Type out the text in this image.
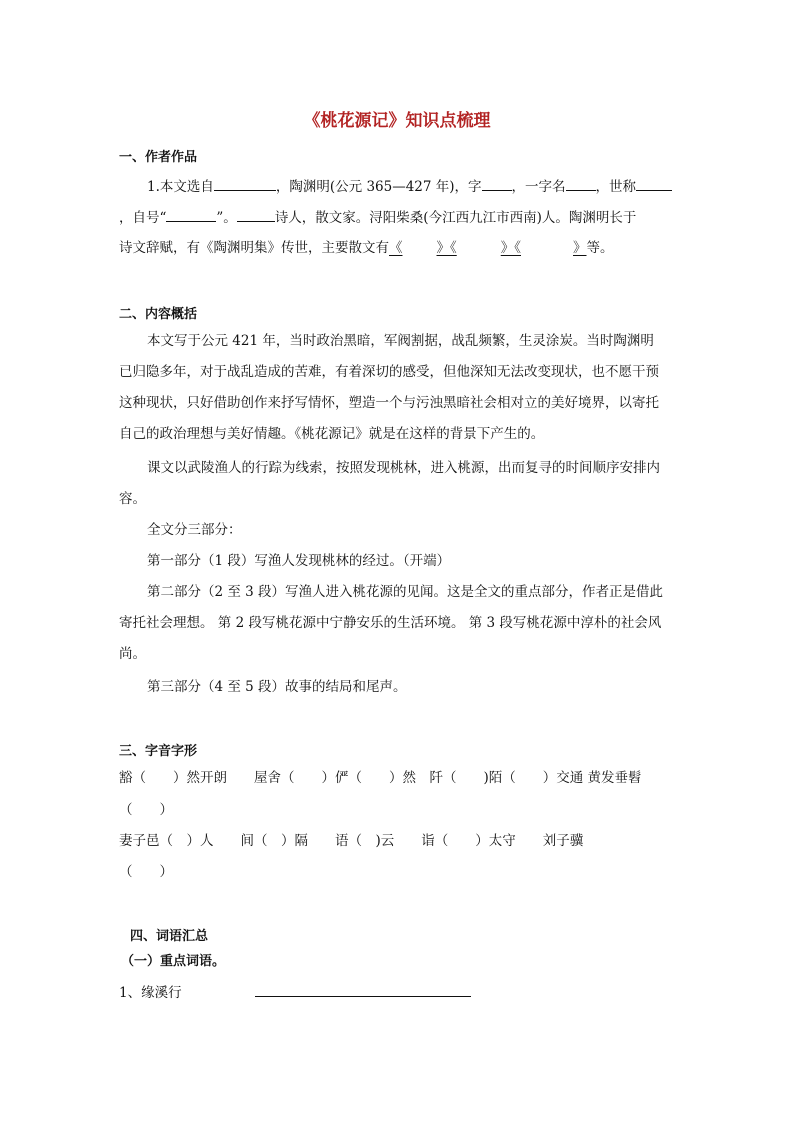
《桃花源记》知识点梳理
一、作者作品
1.本文选自	，陶渊明(公元 365—427 年)，字 ，一字名 ，世称
，自号“	”。	诗人，散文家。浔阳柴桑(今江西九江市西南)人。陶渊明长于
诗文辞赋，有《陶渊明集》传世，主要散文有《	》《	》《	》等。
二、内容概括
本文写于公元 421 年，当时政治黑暗，军阀割据，战乱频繁，生灵涂炭。当时陶渊明
已归隐多年，对于战乱造成的苦难，有着深切的感受，但他深知无法改变现状，也不愿干预
这种现状，只好借助创作来抒写情怀，塑造一个与污浊黑暗社会相对立的美好境界，以寄托
自己的政治理想与美好情趣。《桃花源记》就是在这样的背景下产生的。
课文以武陵渔人的行踪为线索，按照发现桃林，进入桃源，出而复寻的时间顺序安排内
容。
全文分三部分：
第一部分（1 段）写渔人发现桃林的经过。（开端）
第二部分（2 至 3 段）写渔人进入桃花源的见闻。这是全文的重点部分，作者正是借此
寄托社会理想。 第 2 段写桃花源中宁静安乐的生活环境。 第 3 段写桃花源中淳朴的社会风
尚。
第三部分（4 至 5 段）故事的结局和尾声。
三、字音字形
豁（　　）然开朗　　屋舍（　　）俨（　　）然　阡（　　)陌（　　）交通 黄发垂髫
（　　）
妻子邑（　）人　　间（　）隔　　语（　)云　　诣（　　）太守　　刘子骥
（　　）
四、词语汇总
（一）重点词语。
1、缘溪行
